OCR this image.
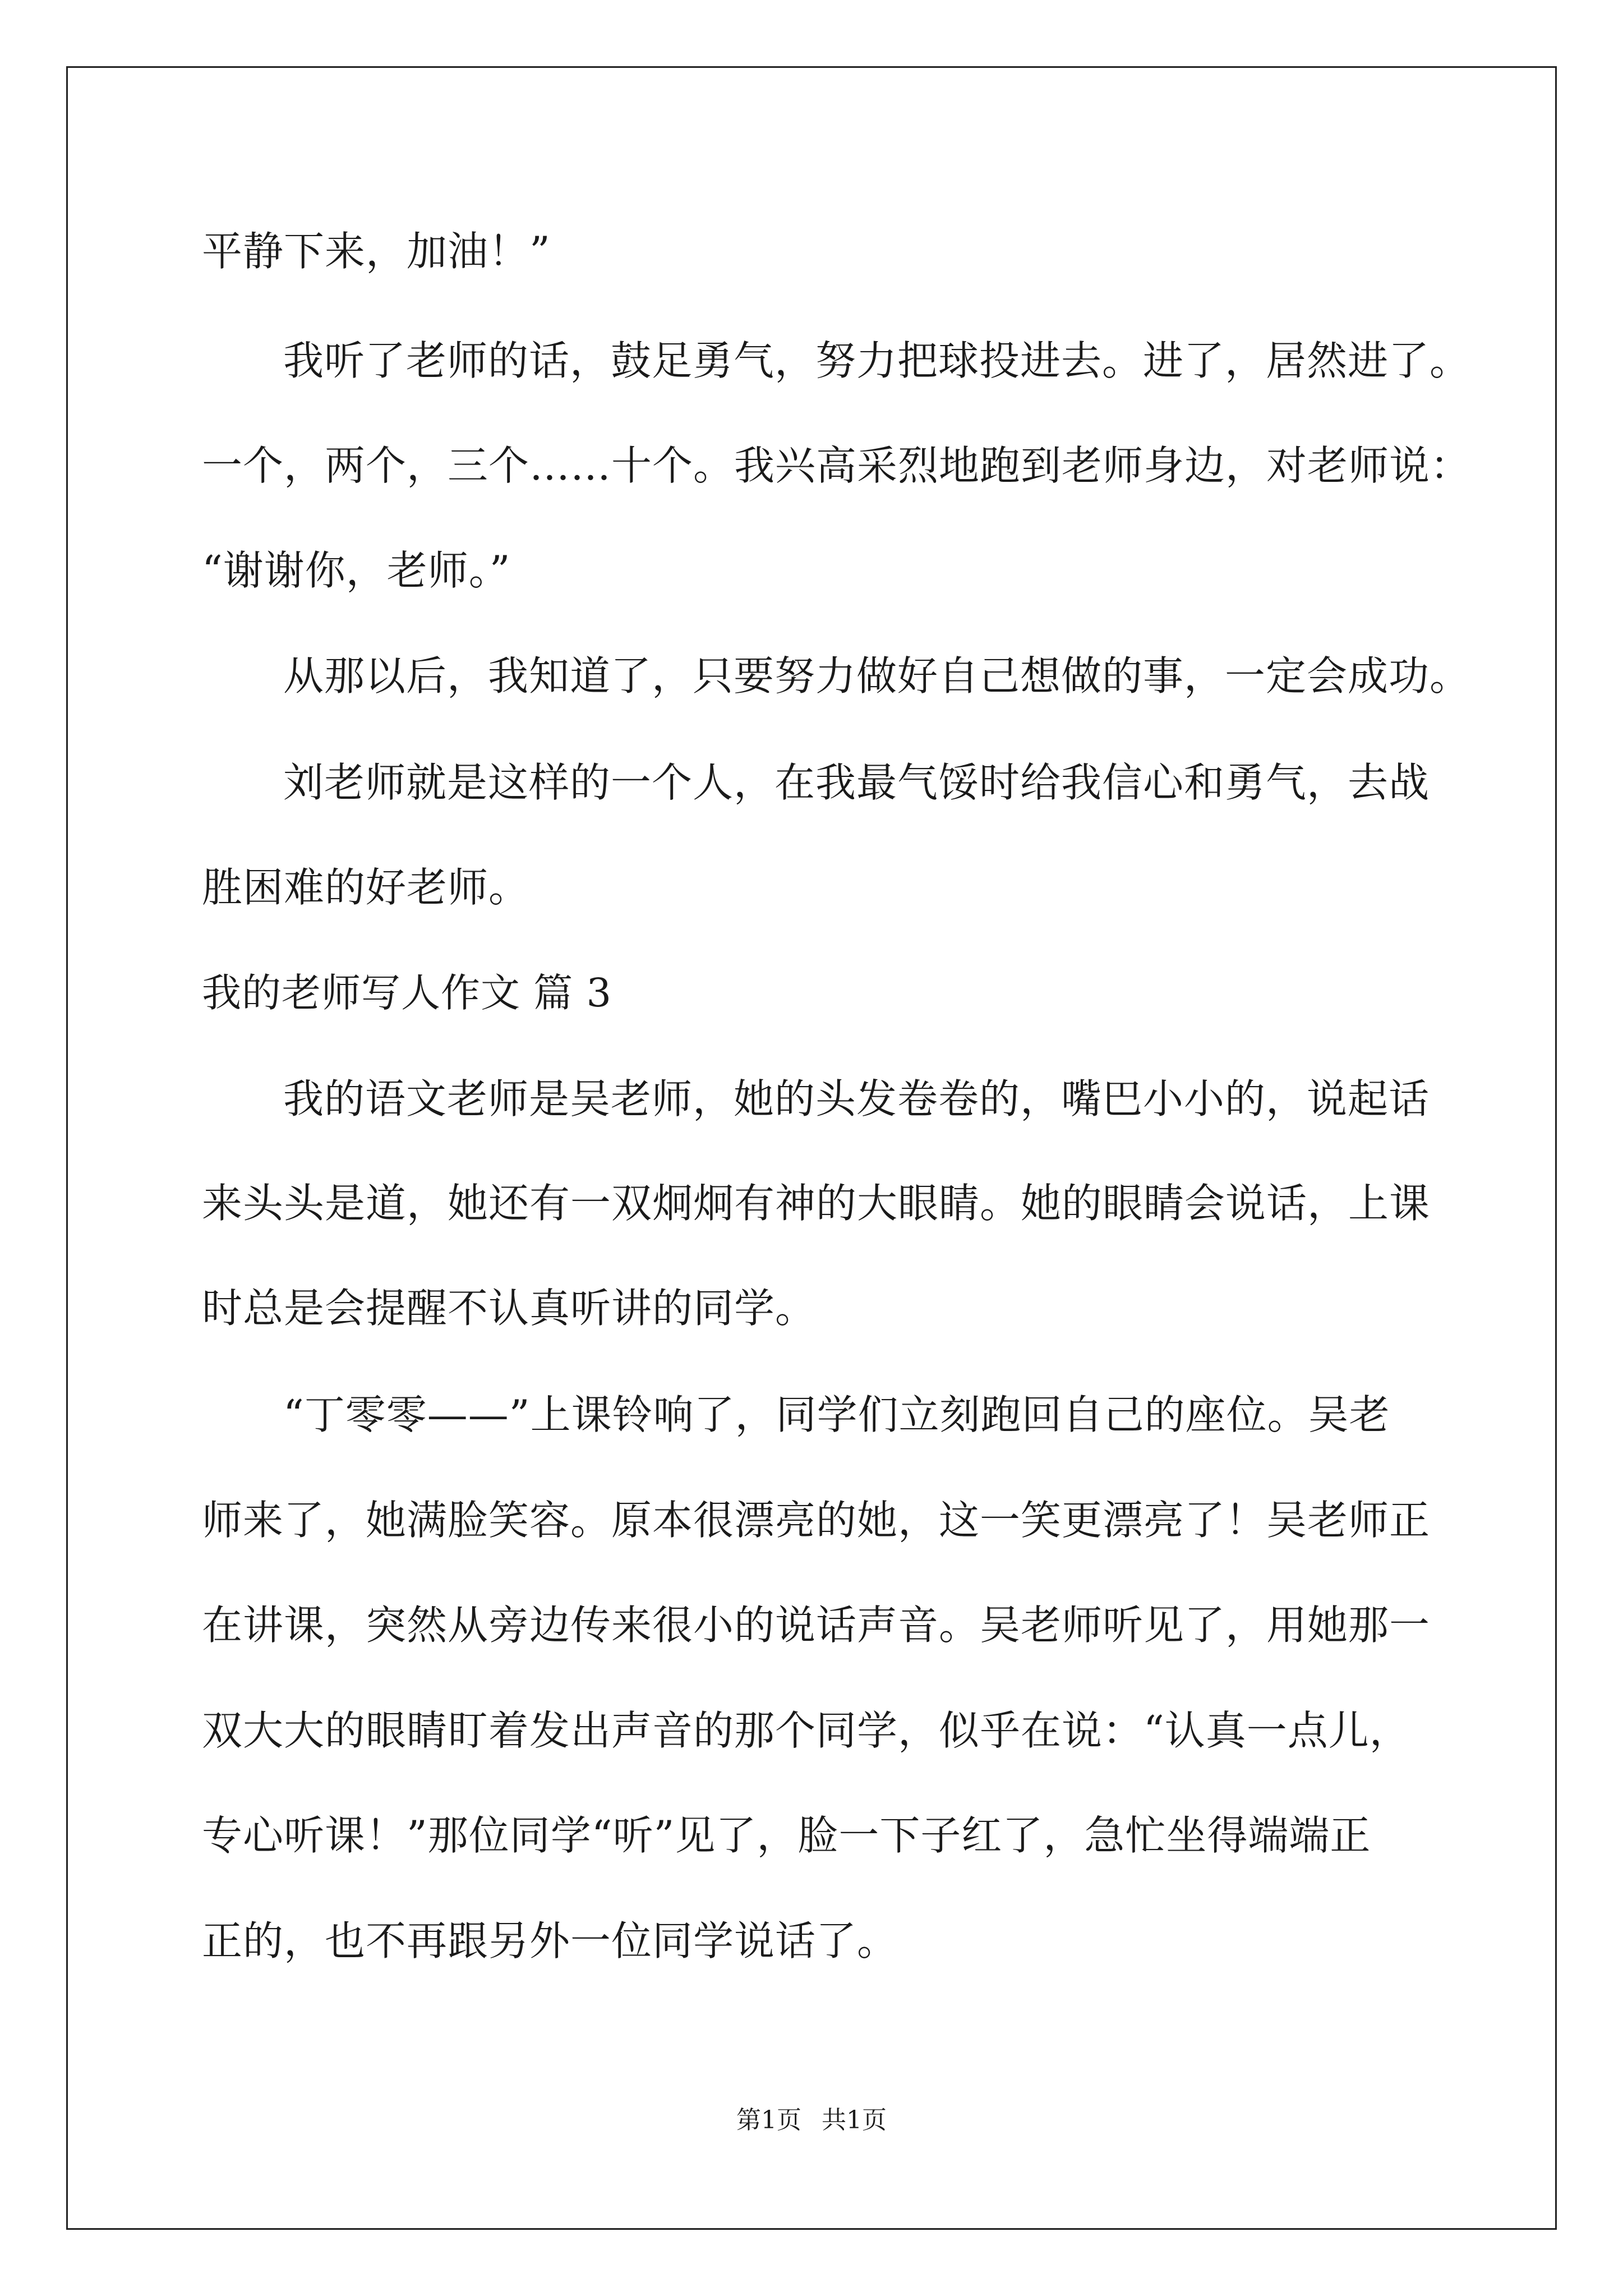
平静下来，加油！”
我听了老师的话，鼓足勇气，努力把球投进去。进了，居然进了。
一个，两个，三个……十个。我兴高采烈地跑到老师身边，对老师说：
“谢谢你，老师。”
从那以后，我知道了，只要努力做好自己想做的事，一定会成功。
刘老师就是这样的一个人，在我最气馁时给我信心和勇气，去战
胜困难的好老师。
我的老师写人作文 篇 3
我的语文老师是吴老师，她的头发卷卷的，嘴巴小小的，说起话
来头头是道，她还有一双炯炯有神的大眼睛。她的眼睛会说话，上课
时总是会提醒不认真听讲的同学。
“丁零零——”上课铃响了，同学们立刻跑回自己的座位。吴老
师来了，她满脸笑容。原本很漂亮的她，这一笑更漂亮了！吴老师正
在讲课，突然从旁边传来很小的说话声音。吴老师听见了，用她那一
双大大的眼睛盯着发出声音的那个同学，似乎在说：“认真一点儿，
专心听课！”那位同学“听”见了，脸一下子红了，急忙坐得端端正
正的，也不再跟另外一位同学说话了。
第1页 共1页
